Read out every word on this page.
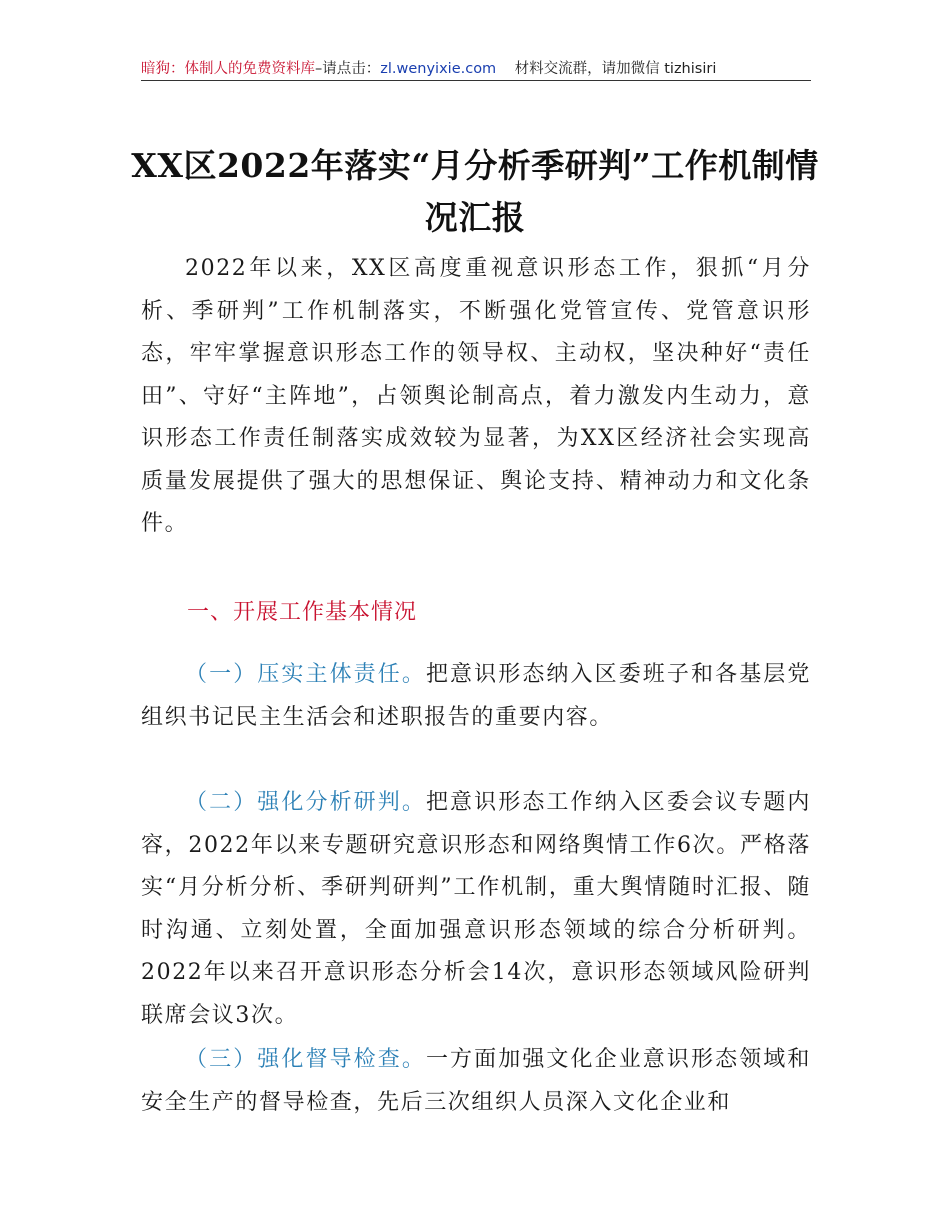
暗狗：体制人的免费资料库–请点击：zl.wenyixie.com 材料交流群，请加微信 tizhisiri
XX区2022年落实“月分析季研判”工作机制情况汇报
2022年以来，XX区高度重视意识形态工作，狠抓“月分析、季研判”工作机制落实，不断强化党管宣传、党管意识形态，牢牢掌握意识形态工作的领导权、主动权，坚决种好“责任田”、守好“主阵地”，占领舆论制高点，着力激发内生动力，意识形态工作责任制落实成效较为显著，为XX区经济社会实现高质量发展提供了强大的思想保证、舆论支持、精神动力和文化条件。
一、开展工作基本情况
（一）压实主体责任。把意识形态纳入区委班子和各基层党组织书记民主生活会和述职报告的重要内容。
（二）强化分析研判。把意识形态工作纳入区委会议专题内容，2022年以来专题研究意识形态和网络舆情工作6次。严格落实“月分析分析、季研判研判”工作机制，重大舆情随时汇报、随时沟通、立刻处置，全面加强意识形态领域的综合分析研判。2022年以来召开意识形态分析会14次，意识形态领域风险研判联席会议3次。
（三）强化督导检查。一方面加强文化企业意识形态领域和安全生产的督导检查，先后三次组织人员深入文化企业和
